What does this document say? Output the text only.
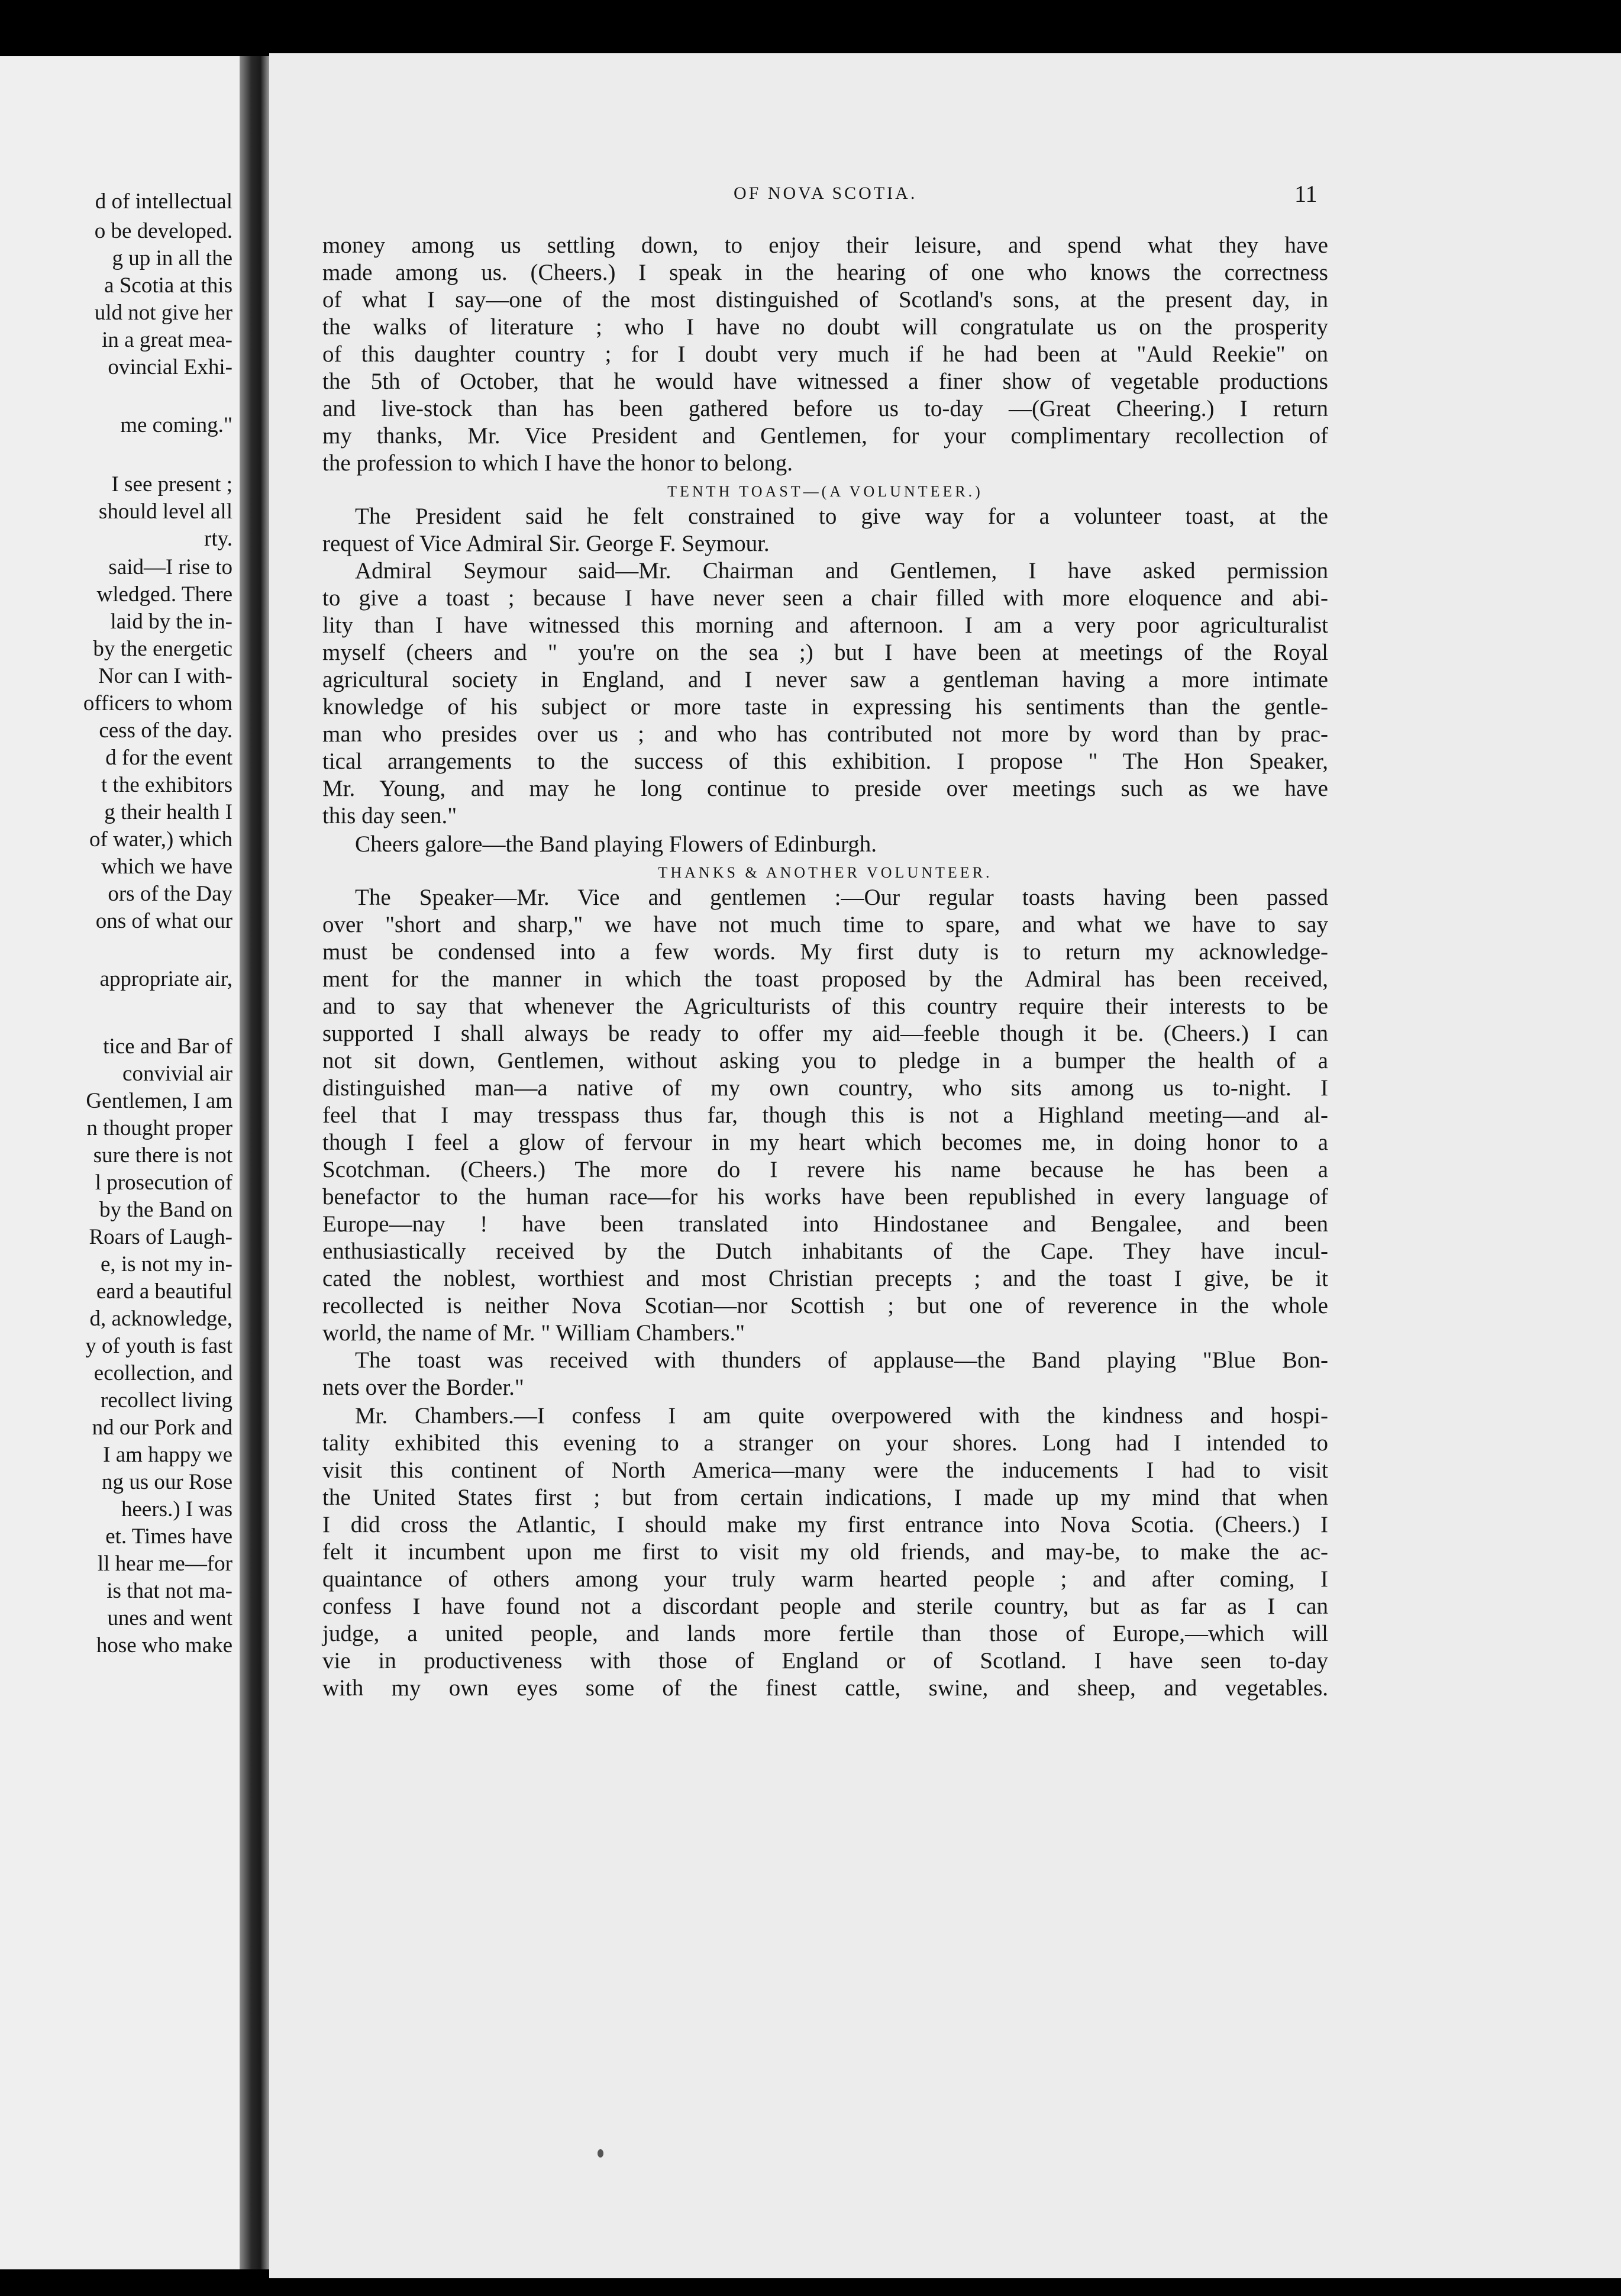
d of intellectual
o be developed.
g up in all the
a Scotia at this
uld not give her
in a great mea-
ovincial Exhi-
me coming."
I see present ;
should level all
rty.
said—I rise to
wledged. There
laid by the in-
by the energetic
Nor can I with-
officers to whom
cess of the day.
d for the event
t the exhibitors
g their health I
of water,) which
which we have
ors of the Day
ons of what our
appropriate air,
tice and Bar of
convivial air
Gentlemen, I am
n thought proper
sure there is not
l prosecution of
by the Band on
Roars of Laugh-
e, is not my in-
eard a beautiful
d, acknowledge,
y of youth is fast
ecollection, and
recollect living
nd our Pork and
I am happy we
ng us our Rose
heers.) I was
et. Times have
ll hear me—for
is that not ma-
unes and went
hose who make
OF NOVA SCOTIA.	11
money among us settling down, to enjoy their leisure, and spend what they have
made among us. (Cheers.) I speak in the hearing of one who knows the correctness
of what I say—one of the most distinguished of Scotland's sons, at the present day, in
the walks of literature ; who I have no doubt will congratulate us on the prosperity
of this daughter country ; for I doubt very much if he had been at "Auld Reekie" on
the 5th of October, that he would have witnessed a finer show of vegetable productions
and live-stock than has been gathered before us to-day —(Great Cheering.) I return
my thanks, Mr. Vice President and Gentlemen, for your complimentary recollection of
the profession to which I have the honor to belong.
TENTH TOAST—(A VOLUNTEER.)
The President said he felt constrained to give way for a volunteer toast, at the
request of Vice Admiral Sir. George F. Seymour.
Admiral Seymour said—Mr. Chairman and Gentlemen, I have asked permission
to give a toast ; because I have never seen a chair filled with more eloquence and abi-
lity than I have witnessed this morning and afternoon. I am a very poor agriculturalist
myself (cheers and " you're on the sea ;) but I have been at meetings of the Royal
agricultural society in England, and I never saw a gentleman having a more intimate
knowledge of his subject or more taste in expressing his sentiments than the gentle-
man who presides over us ; and who has contributed not more by word than by prac-
tical arrangements to the success of this exhibition. I propose " The Hon Speaker,
Mr. Young, and may he long continue to preside over meetings such as we have
this day seen."
Cheers galore—the Band playing Flowers of Edinburgh.
THANKS & ANOTHER VOLUNTEER.
The Speaker—Mr. Vice and gentlemen :—Our regular toasts having been passed
over "short and sharp," we have not much time to spare, and what we have to say
must be condensed into a few words. My first duty is to return my acknowledge-
ment for the manner in which the toast proposed by the Admiral has been received,
and to say that whenever the Agriculturists of this country require their interests to be
supported I shall always be ready to offer my aid—feeble though it be. (Cheers.) I can
not sit down, Gentlemen, without asking you to pledge in a bumper the health of a
distinguished man—a native of my own country, who sits among us to-night. I
feel that I may tresspass thus far, though this is not a Highland meeting—and al-
though I feel a glow of fervour in my heart which becomes me, in doing honor to a
Scotchman. (Cheers.) The more do I revere his name because he has been a
benefactor to the human race—for his works have been republished in every language of
Europe—nay ! have been translated into Hindostanee and Bengalee, and been
enthusiastically received by the Dutch inhabitants of the Cape. They have incul-
cated the noblest, worthiest and most Christian precepts ; and the toast I give, be it
recollected is neither Nova Scotian—nor Scottish ; but one of reverence in the whole
world, the name of Mr. " William Chambers."
The toast was received with thunders of applause—the Band playing "Blue Bon-
nets over the Border."
Mr. Chambers.—I confess I am quite overpowered with the kindness and hospi-
tality exhibited this evening to a stranger on your shores. Long had I intended to
visit this continent of North America—many were the inducements I had to visit
the United States first ; but from certain indications, I made up my mind that when
I did cross the Atlantic, I should make my first entrance into Nova Scotia. (Cheers.) I
felt it incumbent upon me first to visit my old friends, and may-be, to make the ac-
quaintance of others among your truly warm hearted people ; and after coming, I
confess I have found not a discordant people and sterile country, but as far as I can
judge, a united people, and lands more fertile than those of Europe,—which will
vie in productiveness with those of England or of Scotland. I have seen to-day
with my own eyes some of the finest cattle, swine, and sheep, and vegetables.
